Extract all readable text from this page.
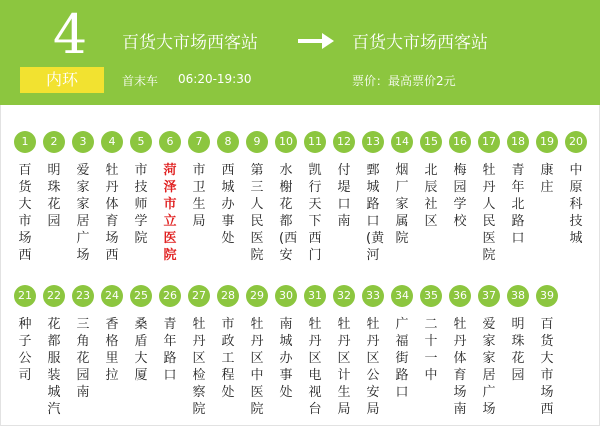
4
内环
百货大市场西客站	百货大市场西客站
首末车 06:20-19:30	票价：最高票价2元
1
百货大市场西
2
明珠花园
3
爱家家居广场
4
牡丹体育场西
5
市技师学院
6
菏泽市立医院
7
市卫生局
8
西城办事处
9
第三人民医院
10
水榭花都(西安
11
凯行天下西门
12
付堤口南
13
鄄城路口(黄河
14
烟厂家属院
15
北辰社区
16
梅园学校
17
牡丹人民医院
18
青年北路口
19
康庄
20
中原科技城
21
种子公司
22
花都服装城汽
23
三角花园南
24
香格里拉
25
桑盾大厦
26
青年路口
27
牡丹区检察院
28
市政工程处
29
牡丹区中医院
30
南城办事处
31
牡丹区电视台
32
牡丹区计生局
33
牡丹区公安局
34
广福街路口
35
二十一中
36
牡丹体育场南
37
爱家家居广场
38
明珠花园
39
百货大市场西
